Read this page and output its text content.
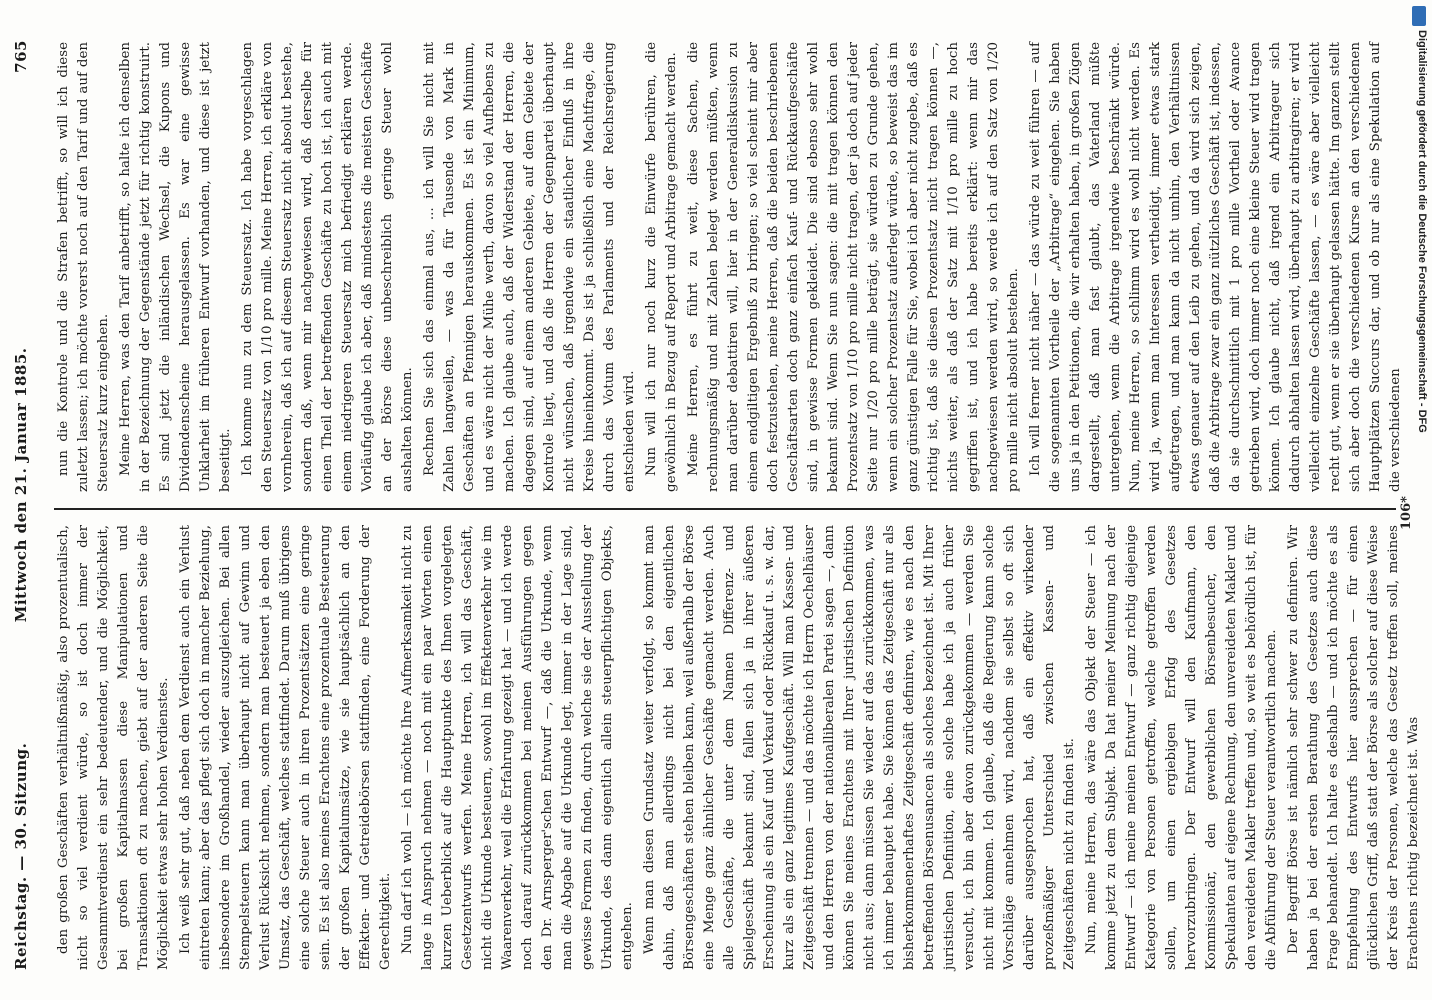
Reichstag. — 30. Sitzung.
Mittwoch den 21. Januar 1885.                                                765

den großen Geschäften verhältnißmäßig, also prozentualisch, nicht so viel verdient würde, so ist doch immer der Gesammtverdienst ein sehr bedeutender, und die Möglichkeit, bei großen Kapitalmassen diese Manipulationen und Transaktionen oft zu machen, giebt auf der anderen Seite die Möglichkeit etwas sehr hohen Verdienstes. Ich weiß sehr gut, daß neben dem Verdienst auch ein Verlust eintreten kann; aber das pflegt sich doch in mancher Beziehung, insbesondere im Großhandel, wieder auszugleichen. Bei allen Stempelsteuern kann man überhaupt nicht auf Gewinn und Verlust Rücksicht nehmen, sondern man besteuert ja eben den Umsatz, das Geschäft, welches stattfindet. Darum muß übrigens eine solche Steuer auch in ihren Prozentsätzen eine geringe sein. Es ist also meines Erachtens eine prozentuale Besteuerung der großen Kapitalumsätze, wie sie hauptsächlich an den Effekten- und Getreidebörsen stattfinden, eine Forderung der Gerechtigkeit. Nun darf ich wohl — ich möchte Ihre Aufmerksamkeit nicht zu lange in Anspruch nehmen — noch mit ein paar Worten einen kurzen Ueberblick auf die Hauptpunkte des Ihnen vorgelegten Gesetzentwurfs werfen. Meine Herren, ich will das Geschäft, nicht die Urkunde besteuern, sowohl im Effektenverkehr wie im Waarenverkehr, weil die Erfahrung gezeigt hat — und ich werde noch darauf zurückkommen bei meinen Ausführungen gegen den Dr. Arnsperger'schen Entwurf —, daß die Urkunde, wenn man die Abgabe auf die Urkunde legt, immer in der Lage sind, gewisse Formen zu finden, durch welche sie der Ausstellung der Urkunde, des dann eigentlich allein steuerpflichtigen Objekts, entgehen. Wenn man diesen Grundsatz weiter verfolgt, so kommt man dahin, daß man allerdings nicht bei den eigentlichen Börsengeschäften stehen bleiben kann, weil außerhalb der Börse eine Menge ganz ähnlicher Geschäfte gemacht werden. Auch alle Geschäfte, die unter dem Namen Differenz- und Spielgeschäft bekannt sind, fallen sich ja in ihrer äußeren Erscheinung als ein Kauf und Verkauf oder Rückkauf u. s. w. dar, kurz als ein ganz legitimes Kaufgeschäft. Will man Kassen- und Zeitgeschäft trennen — und das möchte ich Herrn Oechelhäuser und den Herren von der nationalliberalen Partei sagen —, dann können Sie meines Erachtens mit Ihrer juristischen Definition nicht aus; dann müssen Sie wieder auf das zurückkommen, was ich immer behauptet habe. Sie können das Zeitgeschäft nur als bisherkommenerhaftes Zeitgeschäft definiren, wie es nach den betreffenden Börsenusancen als solches bezeichnet ist. Mit Ihrer juristischen Definition, eine solche habe ich ja auch früher versucht, ich bin aber davon zurückgekommen — werden Sie nicht mit kommen. Ich glaube, daß die Regierung kann solche Vorschläge annehmen wird, nachdem sie selbst so oft sich darüber ausgesprochen hat, daß ein effektiv wirkender prozeßmäßiger Unterschied zwischen Kassen- und Zeitgeschäften nicht zu finden ist. Nun, meine Herren, das wäre das Objekt der Steuer — ich komme jetzt zu dem Subjekt. Da hat meiner Meinung nach der Entwurf — ich meine meinen Entwurf — ganz richtig diejenige Kategorie von Personen getroffen, welche getroffen werden sollen, um einen ergiebigen Erfolg des Gesetzes hervorzubringen. Der Entwurf will den Kaufmann, den Kommissionär, den gewerblichen Börsenbesucher, den Spekulanten auf eigene Rechnung, den unvereideten Makler und den vereideten Makler treffen und, so weit es behördlich ist, für die Abführung der Steuer verantwortlich machen. Der Begriff Börse ist nämlich sehr schwer zu definiren. Wir haben ja bei der ersten Berathung des Gesetzes auch diese Frage behandelt. Ich halte es deshalb — und ich möchte es als Empfehlung des Entwurfs hier aussprechen — für einen glücklichen Griff, daß statt der Börse als solcher auf diese Weise der Kreis der Personen, welche das Gesetz treffen soll, meines Erachtens richtig bezeichnet ist. Was

nun die Kontrole und die Strafen betrifft, so will ich diese zuletzt lassen; ich möchte vorerst noch auf den Tarif und auf den Steuersatz kurz eingehen. Meine Herren, was den Tarif anbetrifft, so halte ich denselben in der Bezeichnung der Gegenstände jetzt für richtig konstruirt. Es sind jetzt die inländischen Wechsel, die Kupons und Dividendenscheine herausgelassen. Es war eine gewisse Unklarheit im früheren Entwurf vorhanden, und diese ist jetzt beseitigt. Ich komme nun zu dem Steuersatz. Ich habe vorgeschlagen den Steuersatz von 1/10 pro mille. Meine Herren, ich erkläre von vornherein, daß ich auf diesem Steuersatz nicht absolut bestehe, sondern daß, wenn mir nachgewiesen wird, daß derselbe für einen Theil der betreffenden Geschäfte zu hoch ist, ich auch mit einem niedrigeren Steuersatz mich befriedigt erklären werde. Vorläufig glaube ich aber, daß mindestens die meisten Geschäfte an der Börse diese unbeschreiblich geringe Steuer wohl aushalten können. Rechnen Sie sich das einmal aus, ... ich will Sie nicht mit Zahlen langweilen, — was da für Tausende von Mark in Geschäften an Pfennigen herauskommen. Es ist ein Minimum, und es wäre nicht der Mühe werth, davon so viel Aufhebens zu machen. Ich glaube auch, daß der Widerstand der Herren, die dagegen sind, auf einem anderen Gebiete, auf dem Gebiete der Kontrole liegt, und daß die Herren der Gegenpartei überhaupt nicht wünschen, daß irgendwie ein staatlicher Einfluß in ihre Kreise hineinkommt. Das ist ja schließlich eine Machtfrage, die durch das Votum des Parlaments und der Reichsregierung entschieden wird. Nun will ich nur noch kurz die Einwürfe berühren, die gewöhnlich in Bezug auf Report und Arbitrage gemacht werden. Meine Herren, es führt zu weit, diese Sachen, die rechnungsmäßig und mit Zahlen belegt werden müßten, wenn man darüber debattiren will, hier in der Generaldiskussion zu einem endgiltigen Ergebniß zu bringen; so viel scheint mir aber doch festzustehen, meine Herren, daß die beiden beschriebenen Geschäftsarten doch ganz einfach Kauf- und Rückkaufgeschäfte sind, in gewisse Formen gekleidet. Die sind ebenso sehr wohl bekannt sind. Wenn Sie nun sagen: die mit tragen können den Prozentsatz von 1/10 pro mille nicht tragen, der ja doch auf jeder Seite nur 1/20 pro mille beträgt, sie würden zu Grunde gehen, wenn ein solcher Prozentsatz auferlegt würde, so beweist das im ganz günstigen Falle für Sie, wobei ich aber nicht zugebe, daß es richtig ist, daß sie diesen Prozentsatz nicht tragen können —, nichts weiter, als daß der Satz mit 1/10 pro mille zu hoch gegriffen ist, und ich habe bereits erklärt: wenn mir das nachgewiesen werden wird, so werde ich auf den Satz von 1/20 pro mille nicht absolut bestehen. Ich will ferner nicht näher — das würde zu weit führen — auf die sogenannten Vortheile der „Arbitrage“ eingehen. Sie haben uns ja in den Petitionen, die wir erhalten haben, in großen Zügen dargestellt, daß man fast glaubt, das Vaterland müßte untergehen, wenn die Arbitrage irgendwie beschränkt würde. Nun, meine Herren, so schlimm wird es wohl nicht werden. Es wird ja, wenn man Interessen vertheidigt, immer etwas stark aufgetragen, und man kann da nicht umhin, den Verhältnissen etwas genauer auf den Leib zu gehen, und da wird sich zeigen, daß die Arbitrage zwar ein ganz nützliches Geschäft ist, indessen, da sie durchschnittlich mit 1 pro mille Vortheil oder Avance getrieben wird, doch immer noch eine kleine Steuer wird tragen können. Ich glaube nicht, daß irgend ein Arbitrageur sich dadurch abhalten lassen wird, überhaupt zu arbitragiren; er wird vielleicht einzelne Geschäfte lassen, — es wäre aber vielleicht recht gut, wenn er sie überhaupt gelassen hätte. Im ganzen stellt sich aber doch die verschiedenen Kurse an den verschiedenen Hauptplätzen Succurs dar, und ob nur als eine Spekulation auf die verschiedenen

106*
Digitalisierung gefördert durch die Deutsche Forschungsgemeinschaft - DFG
